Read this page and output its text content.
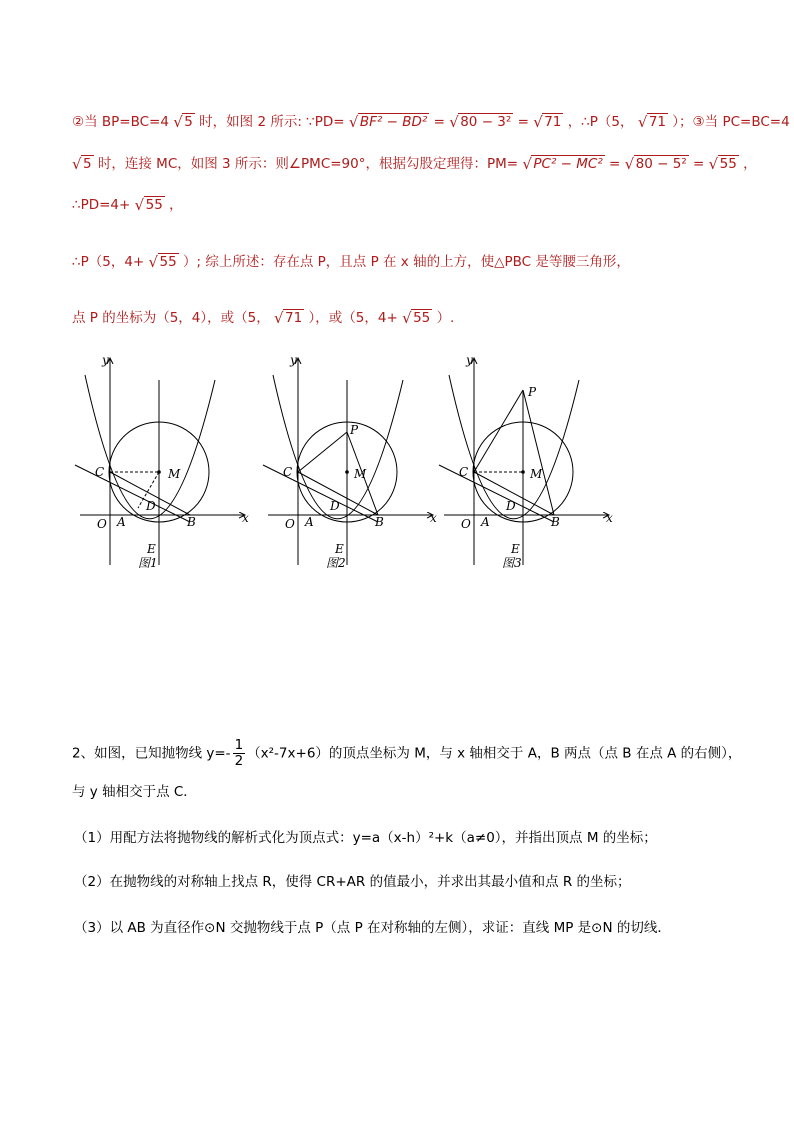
②当 BP=BC=4 √ 5 时，如图 2 所示: ∵PD= √ BF² − BD² = √ 80 − 3² = √ 71 ，∴P（5， √ 71 ）；③当 PC=BC=4
√ 5 时，连接 MC，如图 3 所示：则∠PMC=90°，根据勾股定理得：PM= √ PC² − MC² = √ 80 − 5² = √ 55 ，
∴PD=4+ √ 55 ，
∴P（5，4+ √ 55 ）; 综上所述：存在点 P，且点 P 在 x 轴的上方，使△PBC 是等腰三角形，
点 P 的坐标为（5，4），或（5， √ 71 ），或（5，4+ √ 55 ）.
y
x
O A	B
C
D
E
M
图1
y
x
O A	B
C
D
E
M
P
图2
y
x
O A	B
C
D
E
M
P
图3
2、如图，已知抛物线 $y=- \frac{1}{2} (x^2-7x+6)$的顶点坐标为 M，与 x 轴相交于 A，B 两点（点 B 在点 A 的右侧），
与 y 轴相交于点 C．
（1）用配方法将抛物线的解析式化为顶点式：y=a（x-h）²+k（a≠0），并指出顶点 M 的坐标；
（2）在抛物线的对称轴上找点 R，使得 CR+AR 的值最小，并求出其最小值和点 R 的坐标；
（3）以 AB 为直径作⊙N 交抛物线于点 P（点 P 在对称轴的左侧），求证：直线 MP 是⊙N 的切线．
